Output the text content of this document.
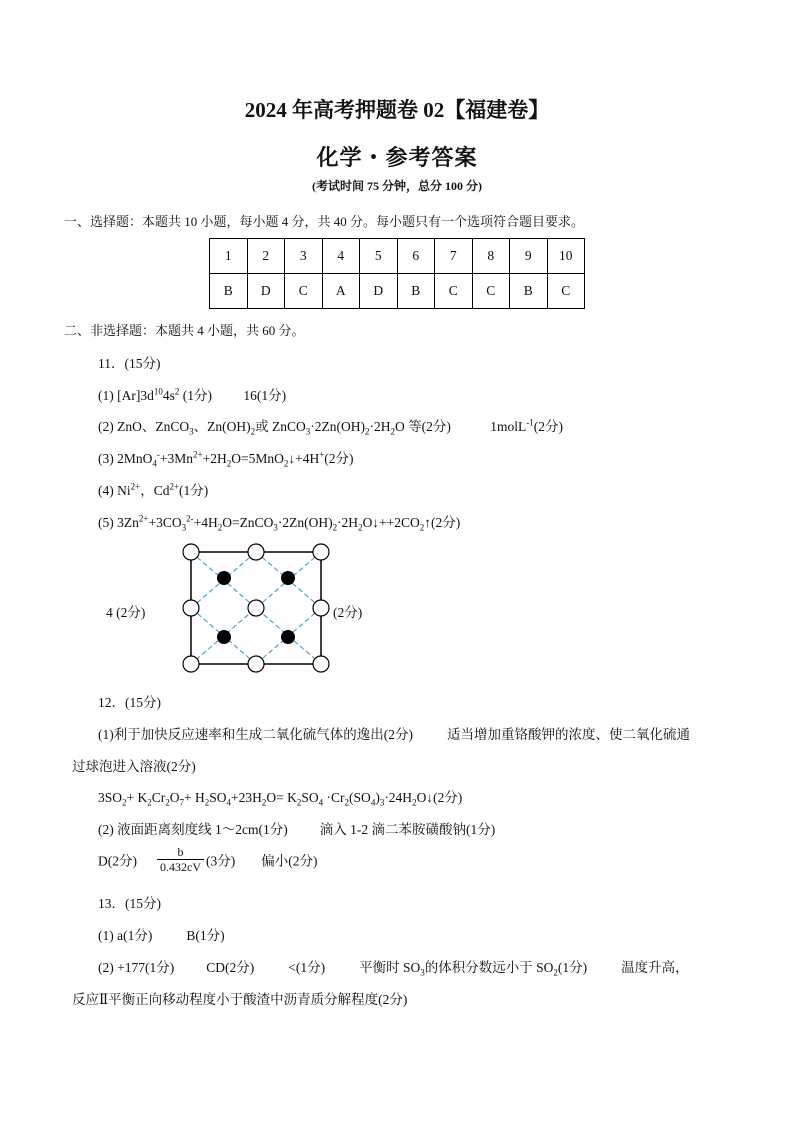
2024 年高考押题卷 02【福建卷】
化学・参考答案
(考试时间 75 分钟，总分 100 分)
一、选择题：本题共 10 小题，每小题 4 分，共 40 分。每小题只有一个选项符合题目要求。
1	2	3	4	5	6	7	8	9	10
B	D	C	A	D	B	C	C	B	C
二、非选择题：本题共 4 小题，共 60 分。
11．(15分)
(1) $[Ar]3d^{10}4s^2$ (1分) 16(1分)
(2) ZnO、ZnCO$_3$、$Zn(OH)_2$或 $ZnCO_3\cdot 2Zn(OH)_2\cdot 2H_2O$ 等(2分)	1molL$^{-1}$(2分)
(3) $2MnO_4^-+3Mn^{2+}+2H_2O=5MnO_2↓+4H^+(2$分)
(4) $Ni^{2+}$，$Cd^{2+}(1$分)
(5) $3Zn^{2+}+3CO_3^{2-}+4H_2O=ZnCO_3\cdot 2Zn(OH)_2\cdot 2H_2O↓++2CO_2↑(2$分)
4 (2分)	(2分)
12．(15分)
(1)利于加快反应速率和生成二氧化硫气体的逸出(2分)	适当增加重铬酸钾的浓度、使二氧化硫通
过球泡进入溶液(2分)
$3SO_2+ K_2Cr_2O_7+ H_2SO_4+23H_2O= K_2SO_4$ $\cdot Cr_2(SO_4)_3\cdot 24H_2O↓(2$分)
(2) 液面距离刻度线 1～2cm(1分) 滴入 1-2 滴二苯胺磺酸钠(1分)
D(2分) $\frac{b}{0.432cV} (3$分) 偏小(2分)
13．(15分)
(1) a(1分)	B(1分)
(2) +177(1分) CD(2分)	<(1分)	平衡时 $SO_3$的体积分数远小于 $SO_2(1$分)	温度升高，
反应Ⅱ平衡正向移动程度小于酸渣中沥青质分解程度(2分)
